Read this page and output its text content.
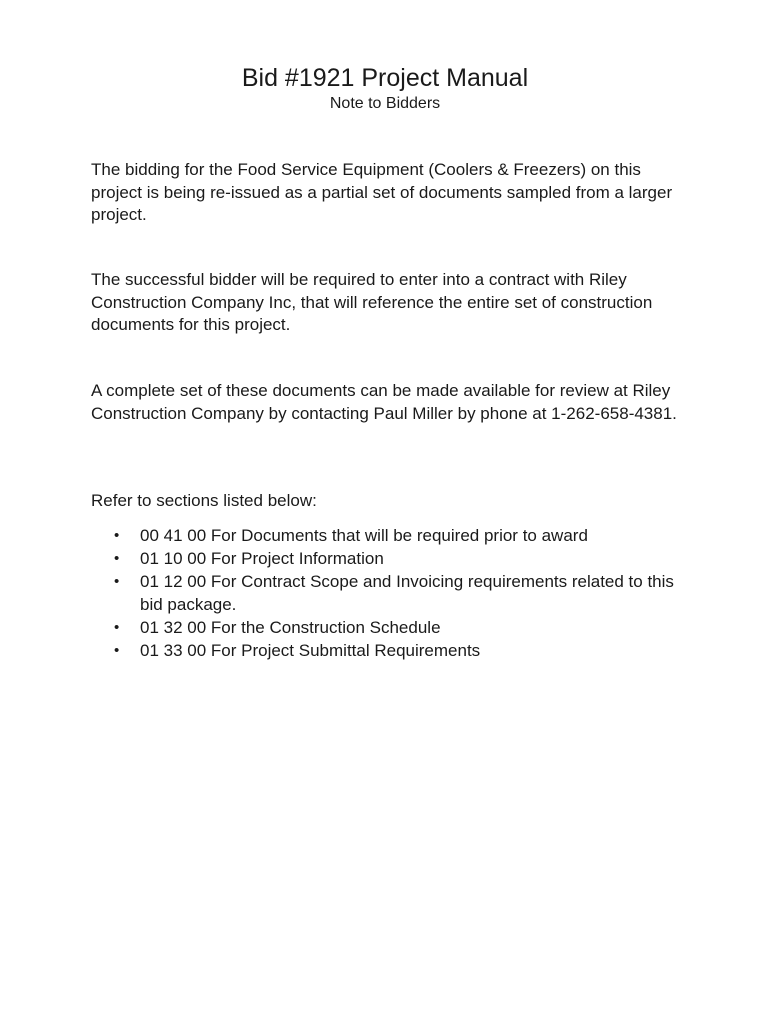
Bid #1921 Project Manual
Note to Bidders

The bidding for the Food Service Equipment (Coolers & Freezers) on this project is being re-issued as a partial set of documents sampled from a larger project.

The successful bidder will be required to enter into a contract with Riley Construction Company Inc, that will reference the entire set of construction documents for this project.

A complete set of these documents can be made available for review at Riley Construction Company by contacting Paul Miller by phone at 1-262-658-4381.

Refer to sections listed below:

• 00 41 00 For Documents that will be required prior to award
• 01 10 00 For Project Information
• 01 12 00 For Contract Scope and Invoicing requirements related to this bid package.
• 01 32 00 For the Construction Schedule
• 01 33 00 For Project Submittal Requirements
